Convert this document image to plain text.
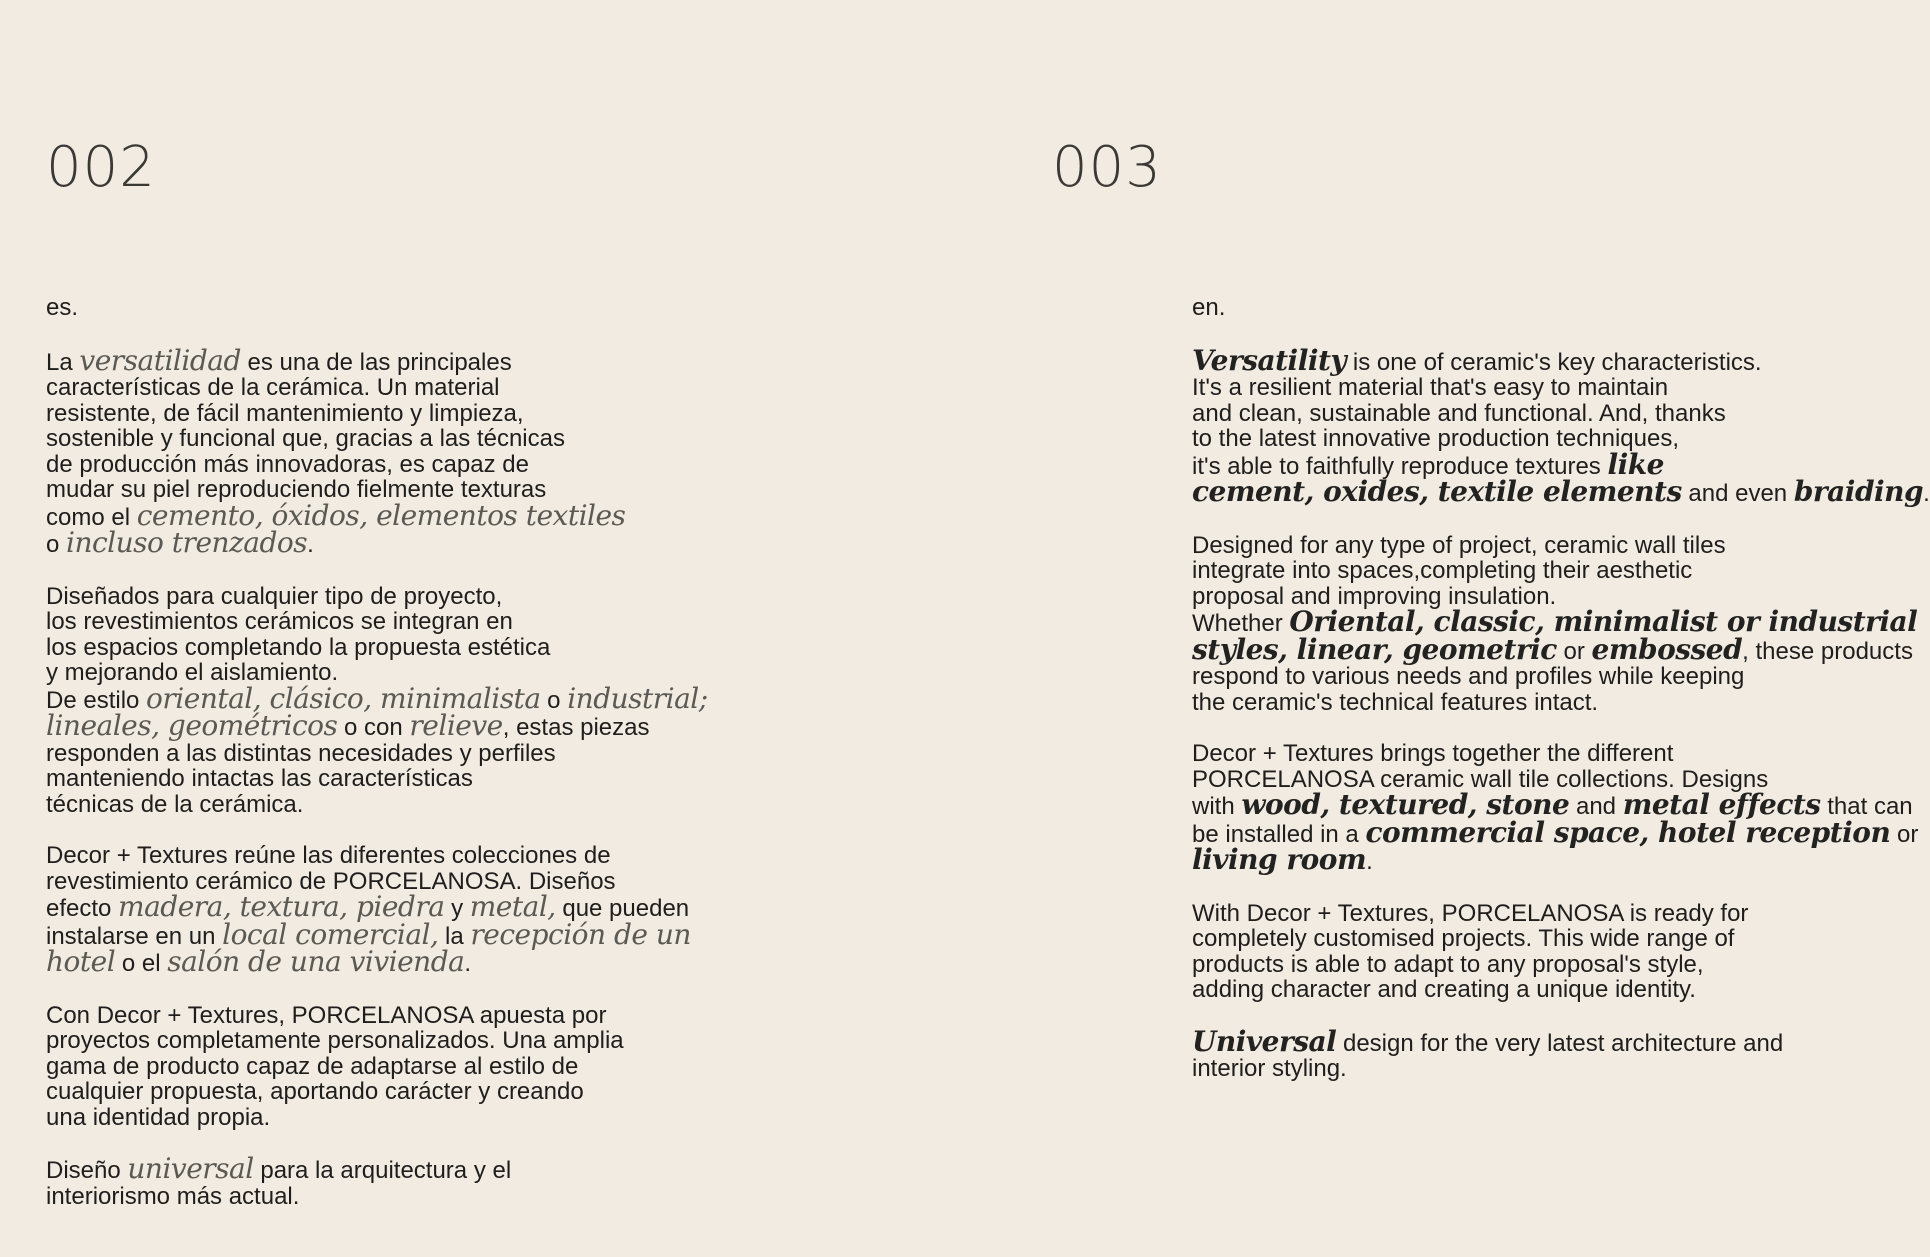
002	003
es.
La versatilidad es una de las principales
características de la cerámica. Un material
resistente, de fácil mantenimiento y limpieza,
sostenible y funcional que, gracias a las técnicas
de producción más innovadoras, es capaz de
mudar su piel reproduciendo fielmente texturas
como el cemento, óxidos, elementos textiles
o incluso trenzados.
Diseñados para cualquier tipo de proyecto,
los revestimientos cerámicos se integran en
los espacios completando la propuesta estética
y mejorando el aislamiento.
De estilo oriental, clásico, minimalista o industrial;
lineales, geométricos o con relieve, estas piezas
responden a las distintas necesidades y perfiles
manteniendo intactas las características
técnicas de la cerámica.
Decor + Textures reúne las diferentes colecciones de
revestimiento cerámico de PORCELANOSA. Diseños
efecto madera, textura, piedra y metal, que pueden
instalarse en un local comercial, la recepción de un
hotel o el salón de una vivienda.
Con Decor + Textures, PORCELANOSA apuesta por
proyectos completamente personalizados. Una amplia
gama de producto capaz de adaptarse al estilo de
cualquier propuesta, aportando carácter y creando
una identidad propia.
Diseño universal para la arquitectura y el
interiorismo más actual.
en.
Versatility is one of ceramic's key characteristics.
It's a resilient material that's easy to maintain
and clean, sustainable and functional. And, thanks
to the latest innovative production techniques,
it's able to faithfully reproduce textures like
cement, oxides, textile elements and even braiding.
Designed for any type of project, ceramic wall tiles
integrate into spaces,completing their aesthetic
proposal and improving insulation.
Whether Oriental, classic, minimalist or industrial
styles, linear, geometric or embossed, these products
respond to various needs and profiles while keeping
the ceramic's technical features intact.
Decor + Textures brings together the different
PORCELANOSA ceramic wall tile collections. Designs
with wood, textured, stone and metal effects that can
be installed in a commercial space, hotel reception or
living room.
With Decor + Textures, PORCELANOSA is ready for
completely customised projects. This wide range of
products is able to adapt to any proposal's style,
adding character and creating a unique identity.
Universal design for the very latest architecture and
interior styling.
